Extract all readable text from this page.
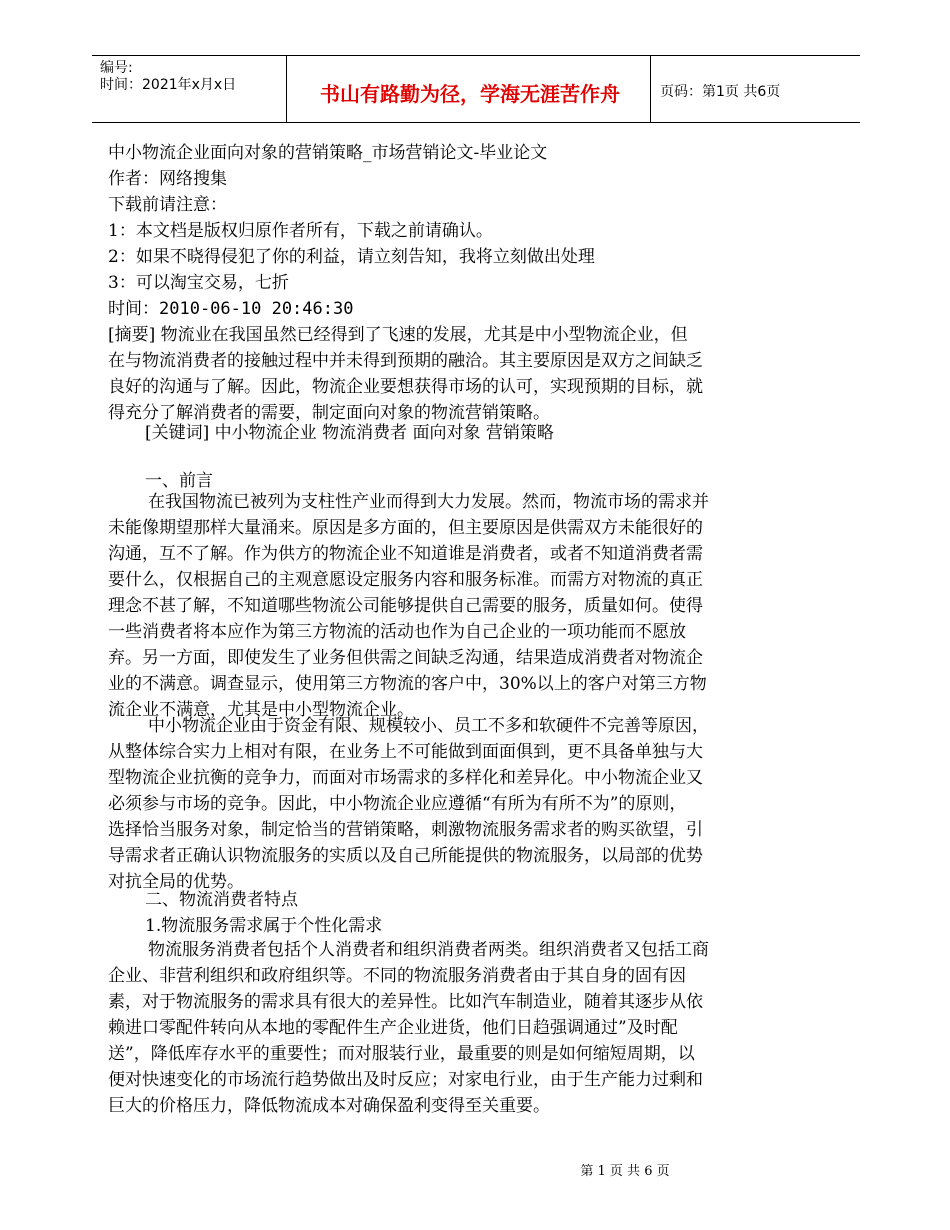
编号:
时间：2021年x月x日	书山有路勤为径，学海无涯苦作舟	页码：第1页 共6页
中小物流企业面向对象的营销策略_市场营销论文-毕业论文
作者：网络搜集
下载前请注意：
1：本文档是版权归原作者所有，下载之前请确认。
2：如果不晓得侵犯了你的利益，请立刻告知，我将立刻做出处理
3：可以淘宝交易，七折
时间：2010-06-10 20:46:30
[摘要] 物流业在我国虽然已经得到了飞速的发展，尤其是中小型物流企业，但
在与物流消费者的接触过程中并未得到预期的融洽。其主要原因是双方之间缺乏
良好的沟通与了解。因此，物流企业要想获得市场的认可，实现预期的目标，就
得充分了解消费者的需要，制定面向对象的物流营销策略。
[关键词] 中小物流企业 物流消费者 面向对象 营销策略
一、前言
在我国物流已被列为支柱性产业而得到大力发展。然而，物流市场的需求并
未能像期望那样大量涌来。原因是多方面的，但主要原因是供需双方未能很好的
沟通，互不了解。作为供方的物流企业不知道谁是消费者，或者不知道消费者需
要什么，仅根据自己的主观意愿设定服务内容和服务标准。而需方对物流的真正
理念不甚了解，不知道哪些物流公司能够提供自己需要的服务，质量如何。使得
一些消费者将本应作为第三方物流的活动也作为自己企业的一项功能而不愿放
弃。另一方面，即使发生了业务但供需之间缺乏沟通，结果造成消费者对物流企
业的不满意。调查显示，使用第三方物流的客户中，30%以上的客户对第三方物
流企业不满意，尤其是中小型物流企业。
中小物流企业由于资金有限、规模较小、员工不多和软硬件不完善等原因，
从整体综合实力上相对有限，在业务上不可能做到面面俱到，更不具备单独与大
型物流企业抗衡的竞争力，而面对市场需求的多样化和差异化。中小物流企业又
必须参与市场的竞争。因此，中小物流企业应遵循“有所为有所不为”的原则，
选择恰当服务对象，制定恰当的营销策略，刺激物流服务需求者的购买欲望，引
导需求者正确认识物流服务的实质以及自己所能提供的物流服务，以局部的优势
对抗全局的优势。
二、物流消费者特点
1.物流服务需求属于个性化需求
物流服务消费者包括个人消费者和组织消费者两类。组织消费者又包括工商
企业、非营利组织和政府组织等。不同的物流服务消费者由于其自身的固有因
素，对于物流服务的需求具有很大的差异性。比如汽车制造业，随着其逐步从依
赖进口零配件转向从本地的零配件生产企业进货，他们日趋强调通过”及时配
送”，降低库存水平的重要性；而对服装行业，最重要的则是如何缩短周期，以
便对快速变化的市场流行趋势做出及时反应；对家电行业，由于生产能力过剩和
巨大的价格压力，降低物流成本对确保盈利变得至关重要。
第 1 页 共 6 页
